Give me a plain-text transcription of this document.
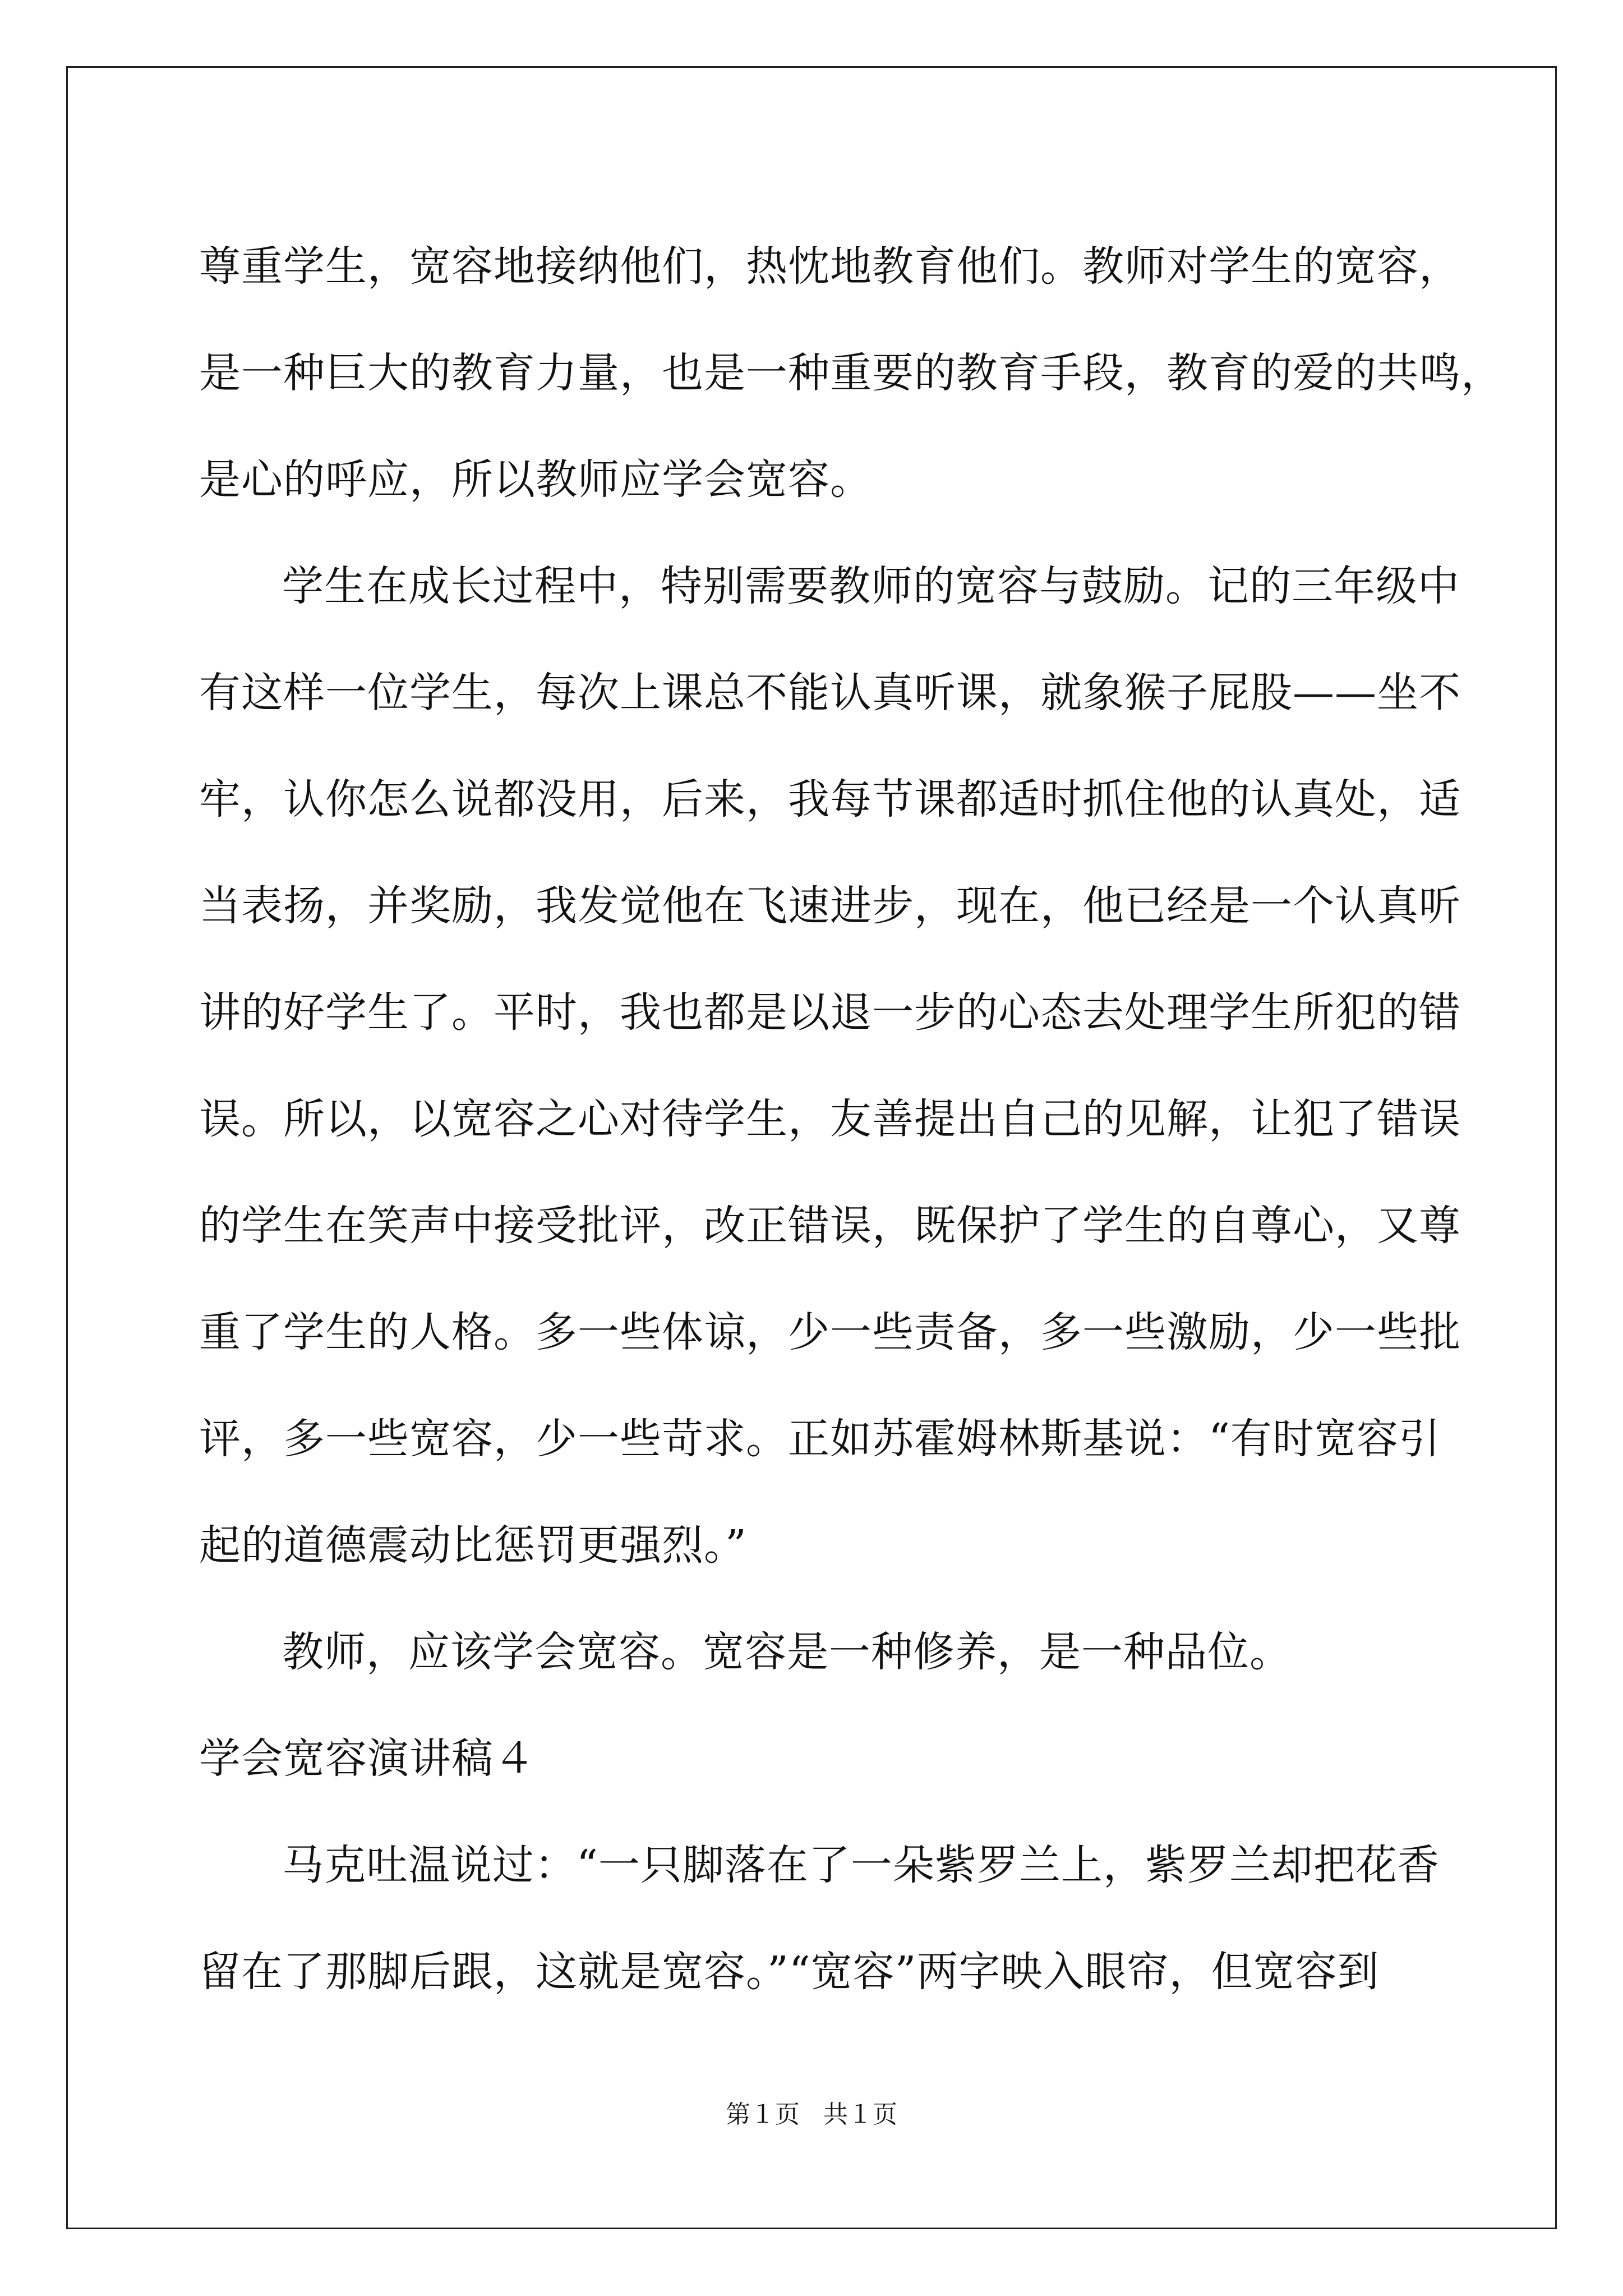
尊重学生，宽容地接纳他们，热忱地教育他们。教师对学生的宽容，
是一种巨大的教育力量，也是一种重要的教育手段，教育的爱的共鸣，
是心的呼应，所以教师应学会宽容。
学生在成长过程中，特别需要教师的宽容与鼓励。记的三年级中
有这样一位学生，每次上课总不能认真听课，就象猴子屁股——坐不
牢，认你怎么说都没用，后来，我每节课都适时抓住他的认真处，适
当表扬，并奖励，我发觉他在飞速进步，现在，他已经是一个认真听
讲的好学生了。平时，我也都是以退一步的心态去处理学生所犯的错
误。所以，以宽容之心对待学生，友善提出自己的见解，让犯了错误
的学生在笑声中接受批评，改正错误，既保护了学生的自尊心，又尊
重了学生的人格。多一些体谅，少一些责备，多一些激励，少一些批
评，多一些宽容，少一些苛求。正如苏霍姆林斯基说：“有时宽容引
起的道德震动比惩罚更强烈。”
教师，应该学会宽容。宽容是一种修养，是一种品位。
学会宽容演讲稿４
马克吐温说过：“一只脚落在了一朵紫罗兰上，紫罗兰却把花香
留在了那脚后跟，这就是宽容。”“宽容”两字映入眼帘，但宽容到
第１页 共１页
